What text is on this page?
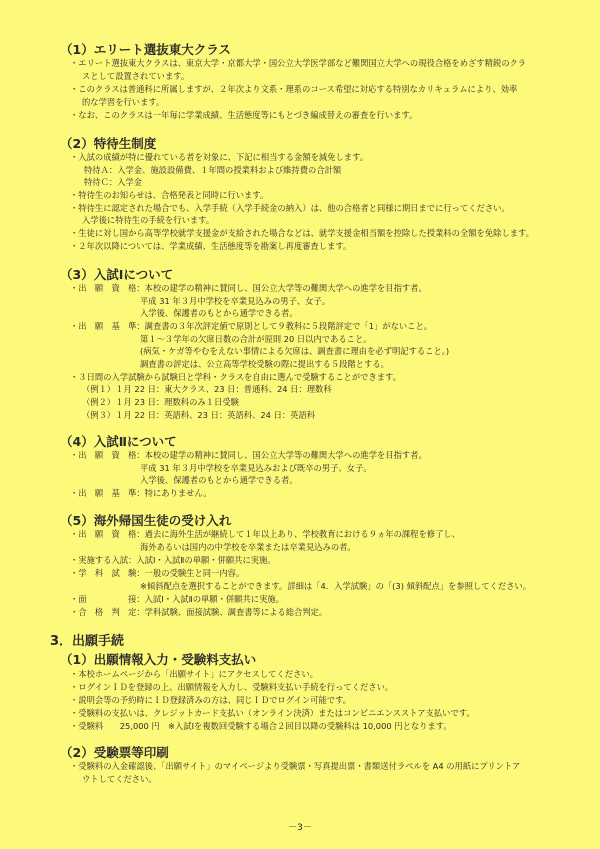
（1）エリート選抜東大クラス
・エリート選抜東大クラスは、東京大学・京都大学・国公立大学医学部など難関国立大学への現役合格をめざす精鋭のクラ
スとして設置されています。
・このクラスは普通科に所属しますが、２年次より文系・理系のコース希望に対応する特別なカリキュラムにより、効率
的な学習を行います。
・なお、このクラスは一年毎に学業成績、生活態度等にもとづき編成替えの審査を行います。
（2）特待生制度
・入試の成績が特に優れている者を対象に、下記に相当する金額を減免します。
特待Ａ：入学金、施設設備費、１年間の授業料および維持費の合計額
特待Ｃ：入学金
・特待生のお知らせは、合格発表と同時に行います。
・特待生に認定された場合でも、入学手続（入学手続金の納入）は、他の合格者と同様に期日までに行ってください。
入学後に特待生の手続を行います。
・生徒に対し国から高等学校就学支援金が支給された場合などは、就学支援金相当額を控除した授業料の全額を免除します。
・２年次以降については、学業成績、生活態度等を勘案し再度審査します。
（3）入試Ⅰについて
・出　願　資　格：本校の建学の精神に賛同し、国公立大学等の難関大学への進学を目指す者。
平成 31 年３月中学校を卒業見込みの男子、女子。
入学後、保護者のもとから通学できる者。
・出　願　基　準：調査書の３年次評定値で原則として９教科に５段階評定で「1」がないこと。
第１～３学年の欠席日数の合計が原則 20 日以内であること。
(病気・ケガ等やむをえない事情による欠席は、調査書に理由を必ず明記すること。)
調査書の評定は、公立高等学校受験の際に提出する５段階とする。
・３日間の入学試験から試験日と学科・クラスを自由に選んで受験することができます。
（例１）１月 22 日：東大クラス、23 日：普通科、24 日：理数科
（例２）１月 23 日：理数科のみ１日受験
（例３）１月 22 日：英語科、23 日：英語科、24 日：英語科
（4）入試Ⅱについて
・出　願　資　格：本校の建学の精神に賛同し、国公立大学等の難関大学への進学を目指す者。
平成 31 年３月中学校を卒業見込みおよび既卒の男子、女子。
入学後、保護者のもとから通学できる者。
・出　願　基　準：特にありません。
（5）海外帰国生徒の受け入れ
・出　願　資　格：過去に海外生活が継続して１年以上あり、学校教育における９ヵ年の課程を修了し、
海外あるいは国内の中学校を卒業または卒業見込みの者。
・実施する入試：入試Ⅰ・入試Ⅱの単願・併願共に実施。
・学　科　試　験：一般の受験生と同一内容。
※傾斜配点を選択することができます。詳細は「4．入学試験」の「(3) 傾斜配点」を参照してください。
・面　　　　　接：入試Ⅰ・入試Ⅱの単願・併願共に実施。
・合　格　判　定：学科試験、面接試験、調査書等による総合判定。
3．出願手続
（1）出願情報入力・受験料支払い
・本校ホームページから「出願サイト」にアクセスしてください。
・ログインＩＤを登録の上、出願情報を入力し、受験料支払い手続を行ってください。
・説明会等の予約時にＩＤ登録済みの方は、同じＩＤでログイン可能です。
・受験料の支払いは、クレジットカード支払い（オンライン決済）またはコンビニエンスストア支払いです。
・受験料　　25,000 円　※入試Ⅰを複数回受験する場合２回目以降の受験料は 10,000 円となります。
（2）受験票等印刷
・受験料の入金確認後、「出願サイト」のマイページより受験票・写真提出票・書類送付ラベルを A4 の用紙にプリントア
ウトしてください。
－3－
